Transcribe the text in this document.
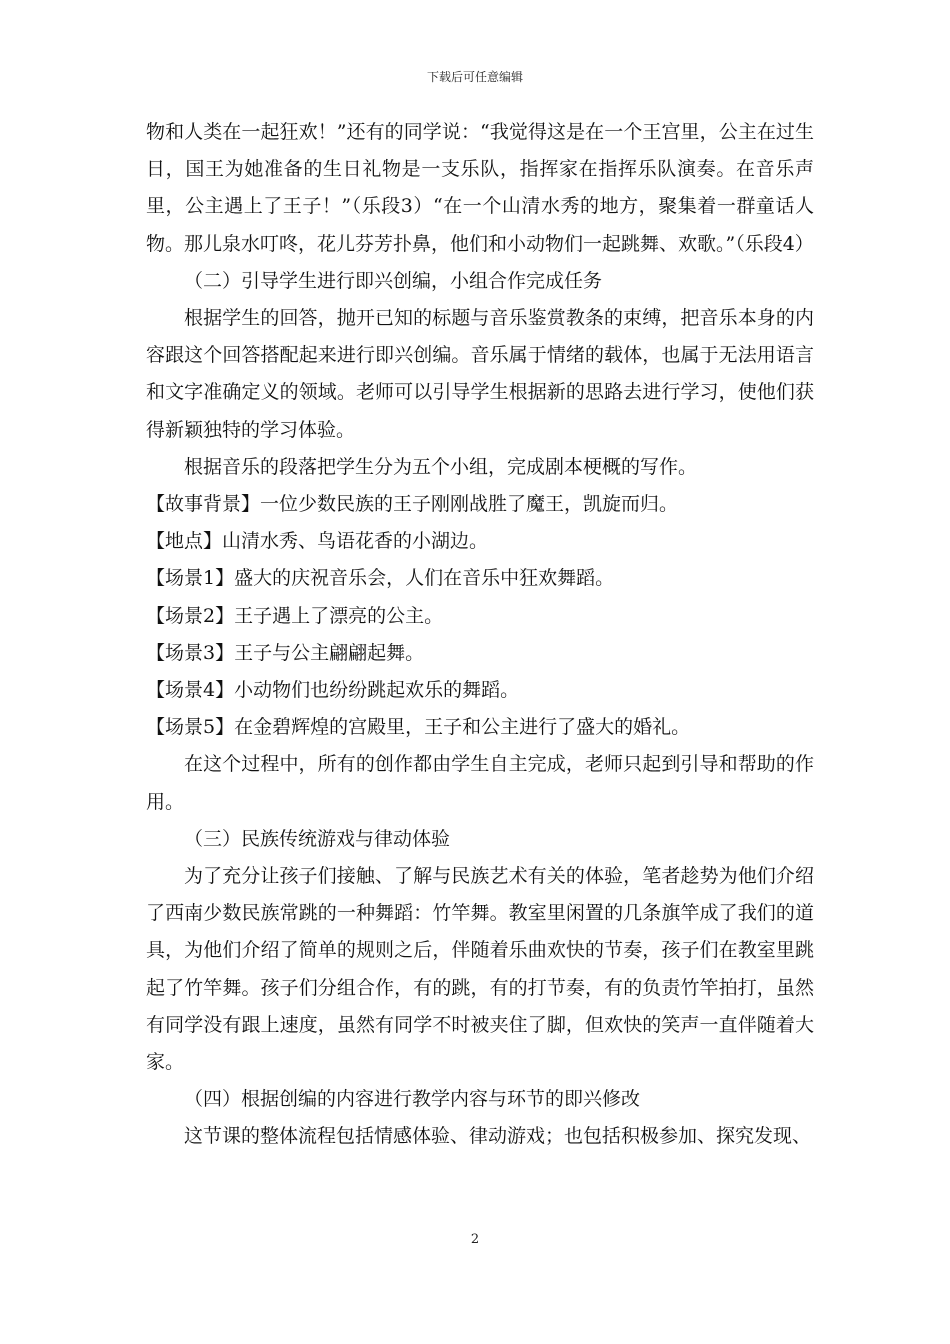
下载后可任意编辑

物和人类在一起狂欢！”还有的同学说：“我觉得这是在一个王宫里，公主在过生日，国王为她准备的生日礼物是一支乐队，指挥家在指挥乐队演奏。在音乐声里，公主遇上了王子！”（乐段3）“在一个山清水秀的地方，聚集着一群童话人物。那儿泉水叮咚，花儿芬芳扑鼻，他们和小动物们一起跳舞、欢歌。”（乐段4）

（二）引导学生进行即兴创编，小组合作完成任务

根据学生的回答，抛开已知的标题与音乐鉴赏教条的束缚，把音乐本身的内容跟这个回答搭配起来进行即兴创编。音乐属于情绪的载体，也属于无法用语言和文字准确定义的领域。老师可以引导学生根据新的思路去进行学习，使他们获得新颖独特的学习体验。

根据音乐的段落把学生分为五个小组，完成剧本梗概的写作。

【故事背景】一位少数民族的王子刚刚战胜了魔王，凯旋而归。

【地点】山清水秀、鸟语花香的小湖边。

【场景1】盛大的庆祝音乐会，人们在音乐中狂欢舞蹈。

【场景2】王子遇上了漂亮的公主。

【场景3】王子与公主翩翩起舞。

【场景4】小动物们也纷纷跳起欢乐的舞蹈。

【场景5】在金碧辉煌的宫殿里，王子和公主进行了盛大的婚礼。

在这个过程中，所有的创作都由学生自主完成，老师只起到引导和帮助的作用。

（三）民族传统游戏与律动体验

为了充分让孩子们接触、了解与民族艺术有关的体验，笔者趁势为他们介绍了西南少数民族常跳的一种舞蹈：竹竿舞。教室里闲置的几条旗竿成了我们的道具，为他们介绍了简单的规则之后，伴随着乐曲欢快的节奏，孩子们在教室里跳起了竹竿舞。孩子们分组合作，有的跳，有的打节奏，有的负责竹竿拍打，虽然有同学没有跟上速度，虽然有同学不时被夹住了脚，但欢快的笑声一直伴随着大家。

（四）根据创编的内容进行教学内容与环节的即兴修改

这节课的整体流程包括情感体验、律动游戏；也包括积极参加、探究发现、

2
